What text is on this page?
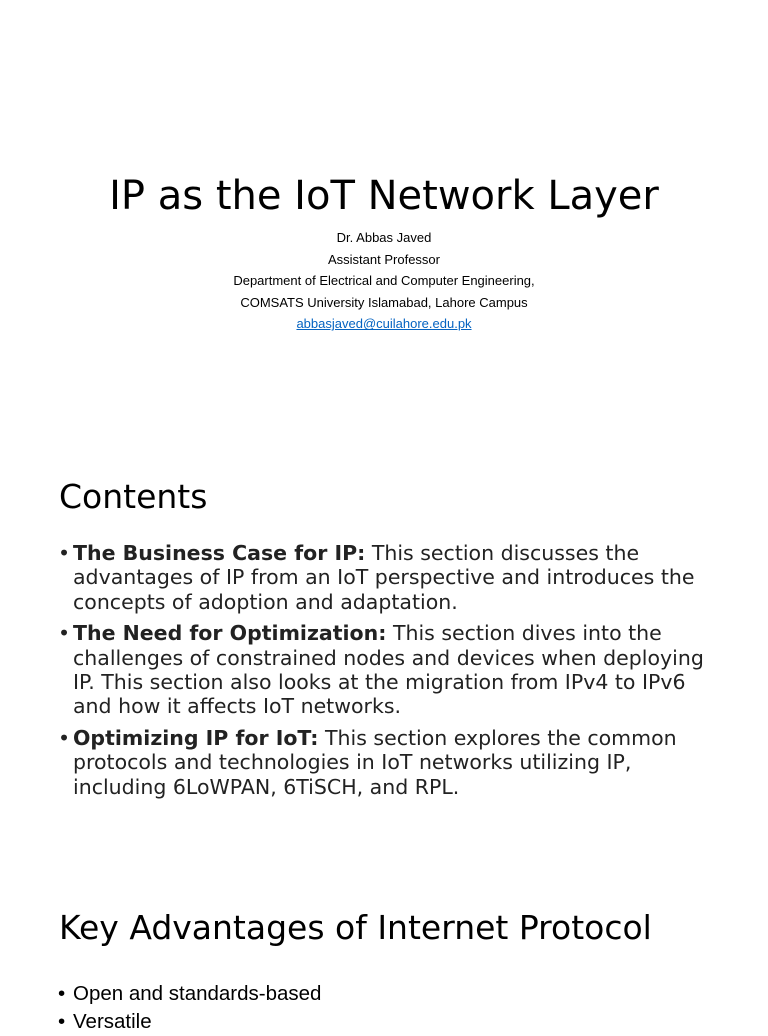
IP as the IoT Network Layer
Dr. Abbas Javed
Assistant Professor
Department of Electrical and Computer Engineering,
COMSATS University Islamabad, Lahore Campus
abbasjaved@cuilahore.edu.pk
Contents
• The Business Case for IP: This section discusses the advantages of IP from an IoT perspective and introduces the concepts of adoption and adaptation.
• The Need for Optimization: This section dives into the challenges of constrained nodes and devices when deploying IP. This section also looks at the migration from IPv4 to IPv6 and how it affects IoT networks.
• Optimizing IP for IoT: This section explores the common protocols and technologies in IoT networks utilizing IP, including 6LoWPAN, 6TiSCH, and RPL.
Key Advantages of Internet Protocol
• Open and standards-based
• Versatile
